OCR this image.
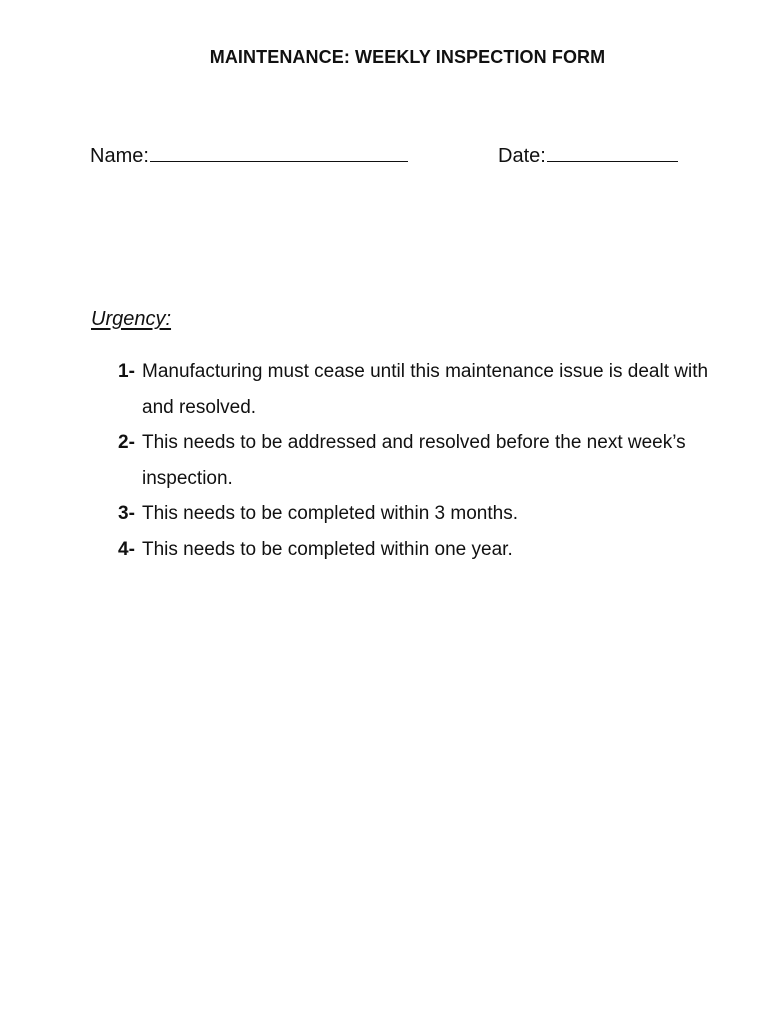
MAINTENANCE: WEEKLY INSPECTION FORM
Name:	Date:
Urgency:
1- Manufacturing must cease until this maintenance issue is dealt with and resolved.
2- This needs to be addressed and resolved before the next week’s inspection.
3- This needs to be completed within 3 months.
4- This needs to be completed within one year.
